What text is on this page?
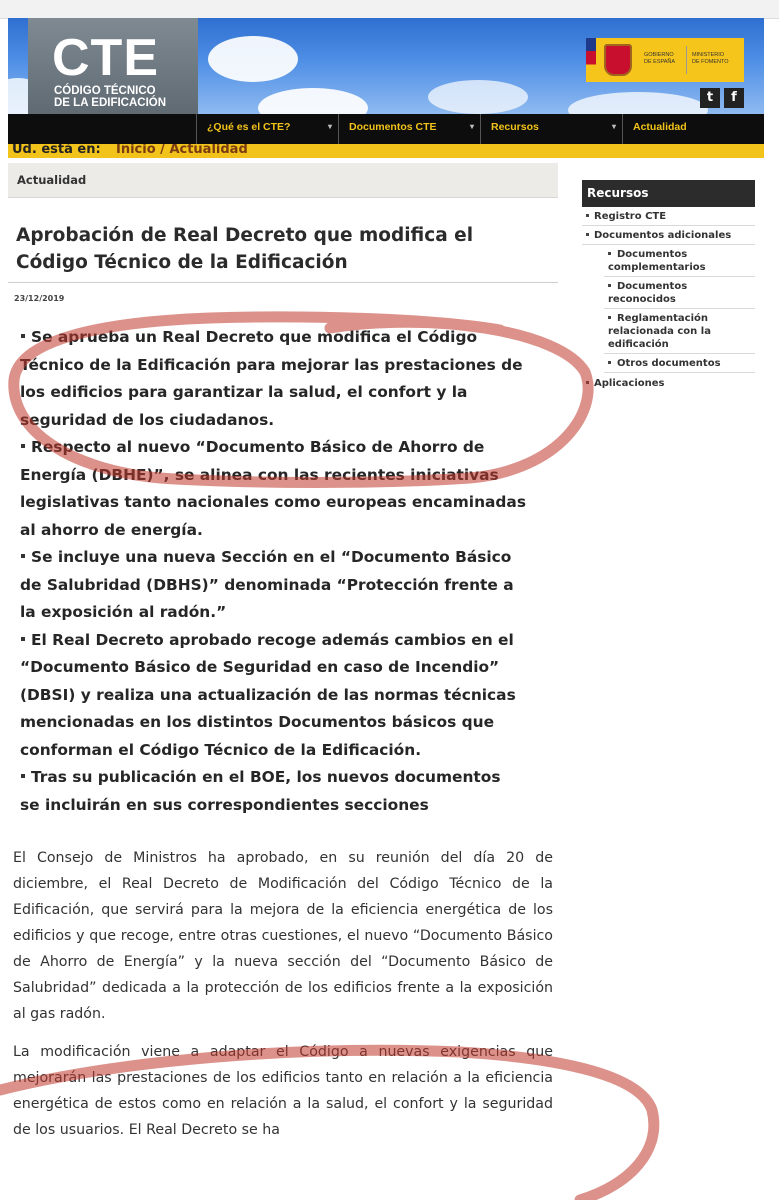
CTE
CÓDIGO TÉCNICO
DE LA EDIFICACIÓN
GOBIERNO
DE ESPAÑA
MINISTERIO
DE FOMENTO
t	f
¿Qué es el CTE?	▾	Documentos CTE	▾	Recursos	▾	Actualidad
Ud. está en: Inicio / Actualidad
Actualidad
Aprobación de Real Decreto que modifica el
Código Técnico de la Edificación
23/12/2019
Se aprueba un Real Decreto que modifica el Código
Técnico de la Edificación para mejorar las prestaciones de
los edificios para garantizar la salud, el confort y la
seguridad de los ciudadanos.
Respecto al nuevo “Documento Básico de Ahorro de
Energía (DBHE)”, se alinea con las recientes iniciativas
legislativas tanto nacionales como europeas encaminadas
al ahorro de energía.
Se incluye una nueva Sección en el “Documento Básico
de Salubridad (DBHS)” denominada “Protección frente a
la exposición al radón.”
El Real Decreto aprobado recoge además cambios en el
“Documento Básico de Seguridad en caso de Incendio”
(DBSI) y realiza una actualización de las normas técnicas
mencionadas en los distintos Documentos básicos que
conforman el Código Técnico de la Edificación.
Tras su publicación en el BOE, los nuevos documentos
se incluirán en sus correspondientes secciones
El Consejo de Ministros ha aprobado, en su reunión del día 20 de diciembre, el Real Decreto de Modificación del Código Técnico de la Edificación, que servirá para la mejora de la eficiencia energética de los edificios y que recoge, entre otras cuestiones, el nuevo “Documento Básico de Ahorro de Energía” y la nueva sección del “Documento Básico de Salubridad” dedicada a la protección de los edificios frente a la exposición al gas radón.
La modificación viene a adaptar el Código a nuevas exigencias que mejorarán las prestaciones de los edificios tanto en relación a la eficiencia energética de estos como en relación a la salud, el confort y la seguridad de los usuarios. El Real Decreto se ha
Recursos
Registro CTE
Documentos adicionales
Documentos complementarios
Documentos reconocidos
Reglamentación relacionada con la edificación
Otros documentos
Aplicaciones
